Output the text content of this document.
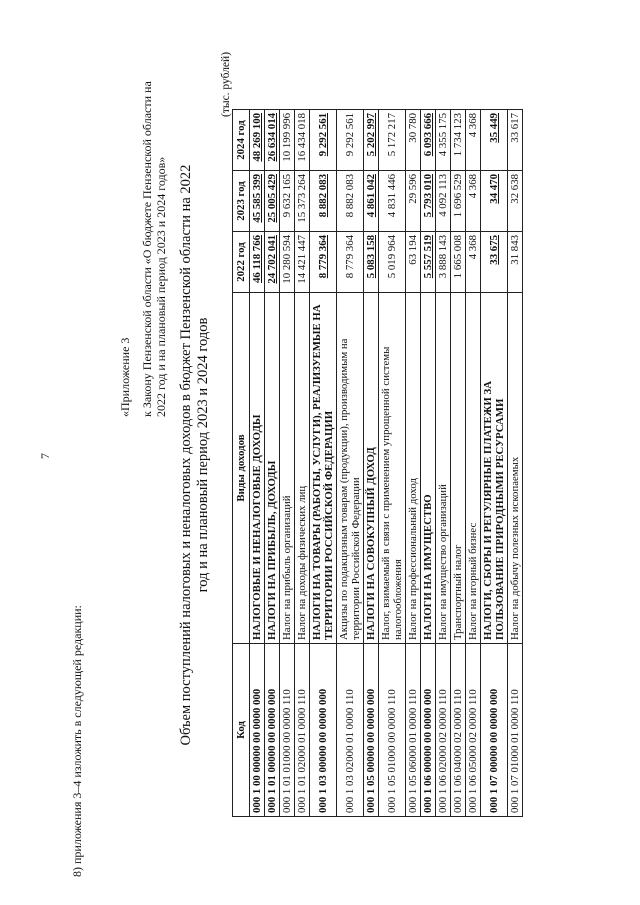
7
8) приложения 3–4 изложить в следующей редакции:
«Приложение 3 к Закону Пензенской области «О бюджете Пензенской области на 2022 год и на плановый период 2023 и 2024 годов» Объем поступлений налоговых и неналоговых доходов в бюджет Пензенской области на 2022 год и на плановый период 2023 и 2024 годов
(тыс. рублей)
Код	Виды доходов	2022 год	2023 год	2024 год
000 1 00 00000 00 0000 000	НАЛОГОВЫЕ И НЕНАЛОГОВЫЕ ДОХОДЫ	46 118 766	45 585 399	48 269 100
000 1 01 00000 00 0000 000	НАЛОГИ НА ПРИБЫЛЬ, ДОХОДЫ	24 702 041	25 005 429	26 634 014
000 1 01 01000 00 0000 110	Налог на прибыль организаций	10 280 594	9 632 165	10 199 996
000 1 01 02000 01 0000 110	Налог на доходы физических лиц	14 421 447	15 373 264	16 434 018
000 1 03 00000 00 0000 000	НАЛОГИ НА ТОВАРЫ (РАБОТЫ, УСЛУГИ), РЕАЛИЗУЕМЫЕ НА ТЕРРИТОРИИ РОССИЙСКОЙ ФЕДЕРАЦИИ	8 779 364	8 882 083	9 292 561
000 1 03 02000 01 0000 110	Акцизы по подакцизным товарам (продукции), производимым на территории Российской Федерации	8 779 364	8 882 083	9 292 561
000 1 05 00000 00 0000 000	НАЛОГИ НА СОВОКУПНЫЙ ДОХОД	5 083 158	4 861 042	5 202 997
000 1 05 01000 00 0000 110	Налог, взимаемый в связи с применением упрощенной системы налогообложения	5 019 964	4 831 446	5 172 217
000 1 05 06000 01 0000 110	Налог на профессиональный доход	63 194	29 596	30 780
000 1 06 00000 00 0000 000	НАЛОГИ НА ИМУЩЕСТВО	5 557 519	5 793 010	6 093 666
000 1 06 02000 02 0000 110	Налог на имущество организаций	3 888 143	4 092 113	4 355 175
000 1 06 04000 02 0000 110	Транспортный налог	1 665 008	1 696 529	1 734 123
000 1 06 05000 02 0000 110	Налог на игорный бизнес	4 368	4 368	4 368
000 1 07 00000 00 0000 000	НАЛОГИ, СБОРЫ И РЕГУЛЯРНЫЕ ПЛАТЕЖИ ЗА ПОЛЬЗОВАНИЕ ПРИРОДНЫМИ РЕСУРСАМИ	33 675	34 470	35 449
000 1 07 01000 01 0000 110	Налог на добычу полезных ископаемых	31 843	32 638	33 617
